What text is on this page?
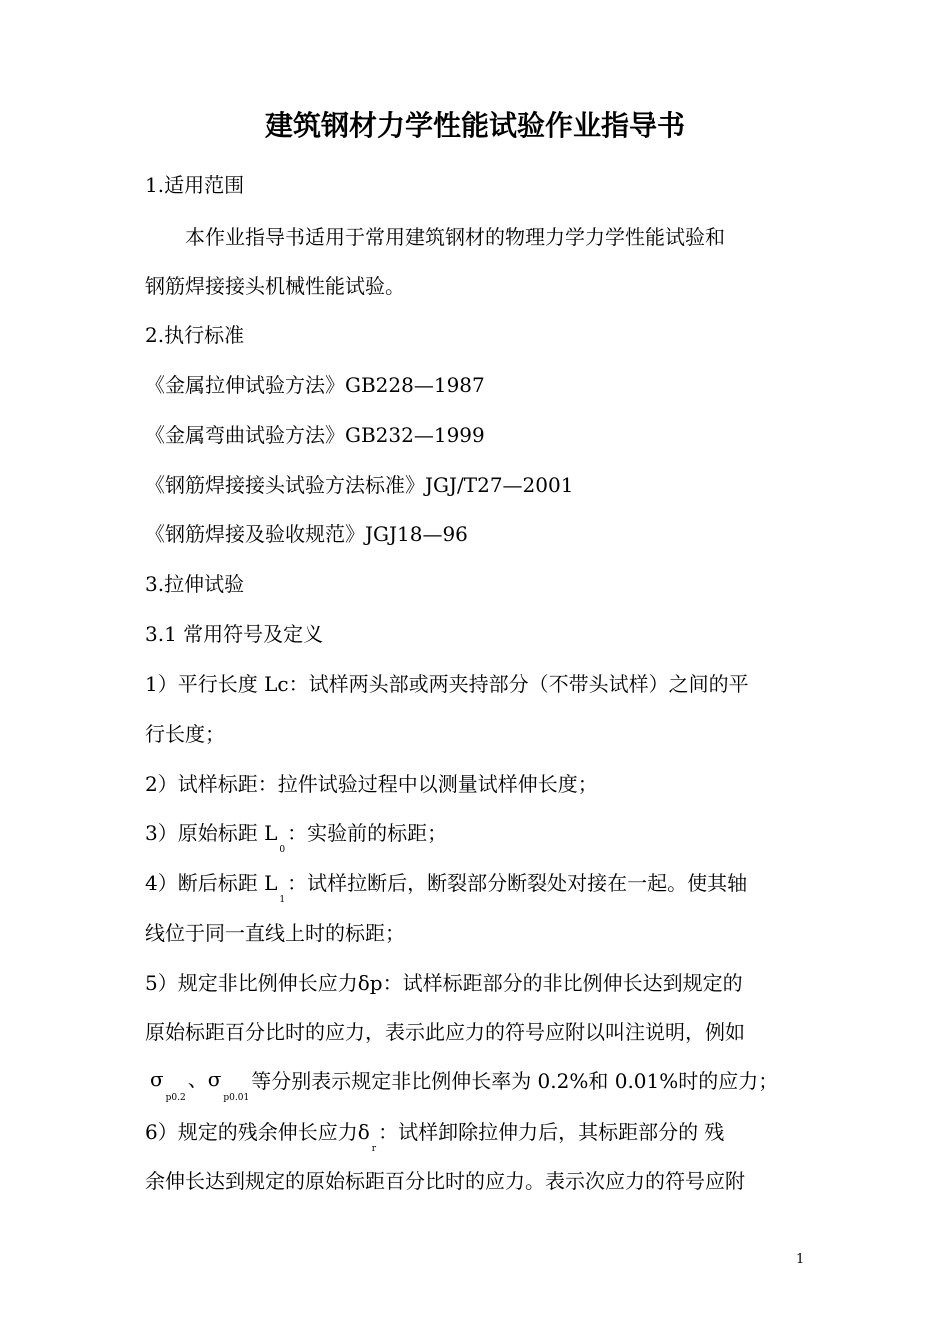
建筑钢材力学性能试验作业指导书
1.适用范围
本作业指导书适用于常用建筑钢材的物理力学力学性能试验和
钢筋焊接接头机械性能试验。
2.执行标准
《金属拉伸试验方法》GB228—1987
《金属弯曲试验方法》GB232—1999
《钢筋焊接接头试验方法标准》JGJ/T27—2001
《钢筋焊接及验收规范》JGJ18—96
3.拉伸试验
3.1 常用符号及定义
1）平行长度 Lc：试样两头部或两夹持部分（不带头试样）之间的平
行长度；
2）试样标距：拉件试验过程中以测量试样伸长度；
3）原始标距 $L_0$：实验前的标距；
4）断后标距 $L_1$：试样拉断后，断裂部分断裂处对接在一起。使其轴
线位于同一直线上时的标距；
5）规定非比例伸长应力δp：试样标距部分的非比例伸长达到规定的
原始标距百分比时的应力，表示此应力的符号应附以叫注说明，例如
$\sigma_{p0.2}$、$\sigma_{p0.01}$等分别表示规定非比例伸长率为 0.2%和 0.01%时的应力；
6）规定的残余伸长应力$\delta_r$：试样卸除拉伸力后，其标距部分的 残
余伸长达到规定的原始标距百分比时的应力。表示次应力的符号应附
1
